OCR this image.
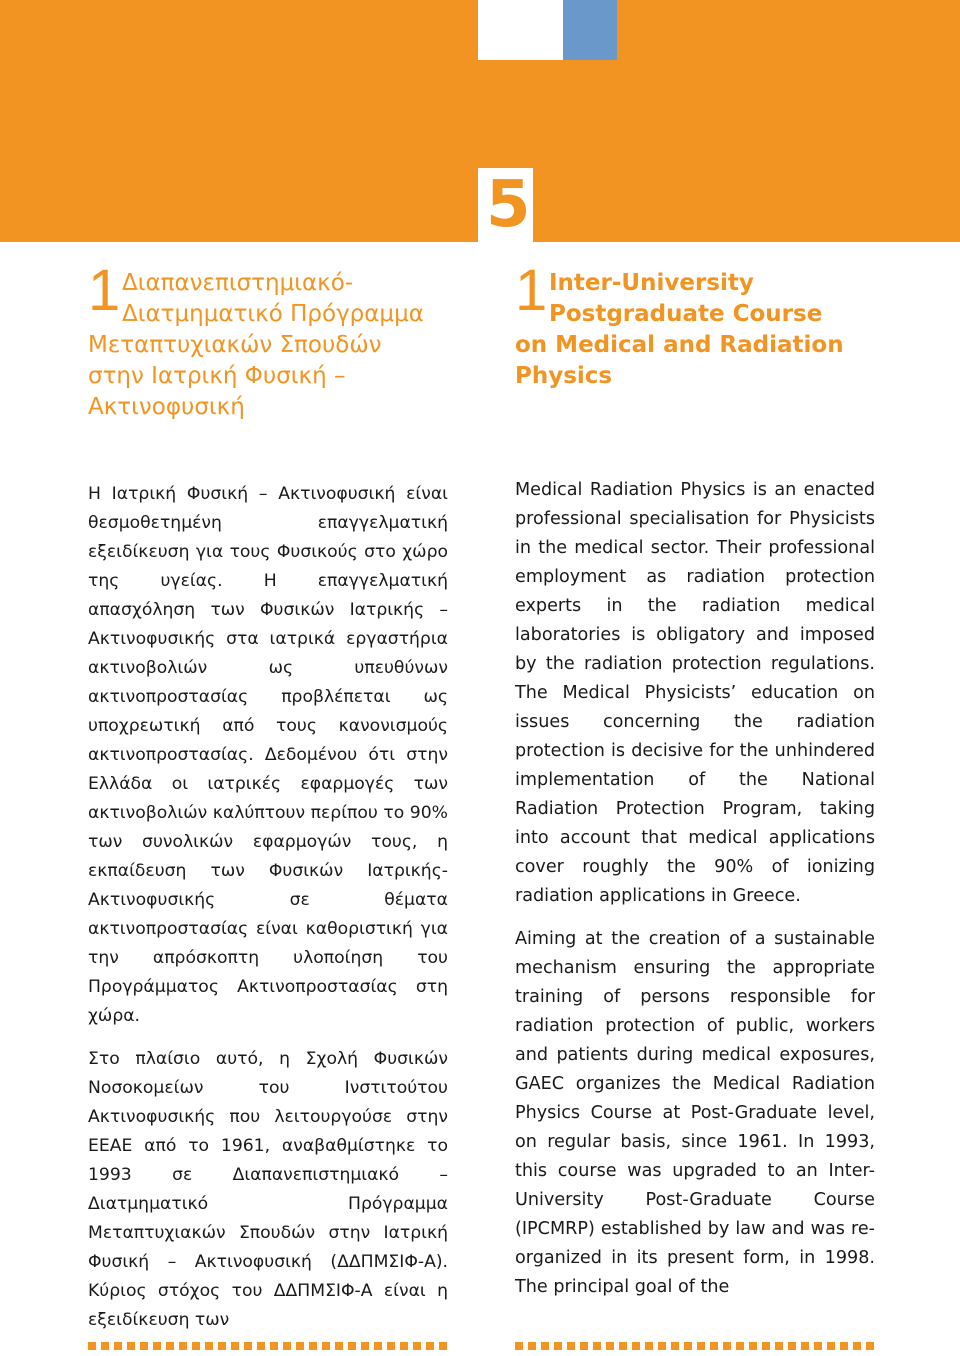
5
1 Διαπανεπιστημιακό-
Διατμηματικό Πρόγραμμα
Μεταπτυχιακών Σπουδών
στην Ιατρική Φυσική –
Ακτινοφυσική
1 Inter-University
Postgraduate Course
on Medical and Radiation
Physics

Η Ιατρική Φυσική – Ακτινοφυσική είναι θεσμοθετημένη επαγγελματική εξειδίκευση για τους Φυσικούς στο χώρο της υγείας. Η επαγγελματική απασχόληση των Φυσικών Ιατρικής – Ακτινοφυσικής στα ιατρικά εργαστήρια ακτινοβολιών ως υπευθύνων ακτινοπροστασίας προβλέπεται ως υποχρεωτική από τους κανονισμούς ακτινοπροστασίας. Δεδομένου ότι στην Ελλάδα οι ιατρικές εφαρμογές των ακτινοβολιών καλύπτουν περίπου το 90% των συνολικών εφαρμογών τους, η εκπαίδευση των Φυσικών Ιατρικής-Ακτινοφυσικής σε θέματα ακτινοπροστασίας είναι καθοριστική για την απρόσκοπτη υλοποίηση του Προγράμματος Ακτινοπροστασίας στη χώρα.

Στο πλαίσιο αυτό, η Σχολή Φυσικών Νοσοκομείων του Ινστιτούτου Ακτινοφυσικής που λειτουργούσε στην ΕΕΑΕ από το 1961, αναβαθμίστηκε το 1993 σε Διαπανεπιστημιακό – Διατμηματικό Πρόγραμμα Μεταπτυχιακών Σπουδών στην Ιατρική Φυσική – Ακτινοφυσική (ΔΔΠΜΣΙΦ-Α). Κύριος στόχος του ΔΔΠΜΣΙΦ-Α είναι η εξειδίκευση των

Medical Radiation Physics is an enacted professional specialisation for Physicists in the medical sector. Their professional employment as radiation protection experts in the radiation medical laboratories is obligatory and imposed by the radiation protection regulations. The Medical Physicists’ education on issues concerning the radiation protection is decisive for the unhindered implementation of the National Radiation Protection Program, taking into account that medical applications cover roughly the 90% of ionizing radiation applications in Greece.

Aiming at the creation of a sustainable mechanism ensuring the appropriate training of persons responsible for radiation protection of public, workers and patients during medical exposures, GAEC organizes the Medical Radiation Physics Course at Post-Graduate level, on regular basis, since 1961. In 1993, this course was upgraded to an Inter-University Post-Graduate Course (IPCMRP) established by law and was re-organized in its present form, in 1998. The principal goal of the
